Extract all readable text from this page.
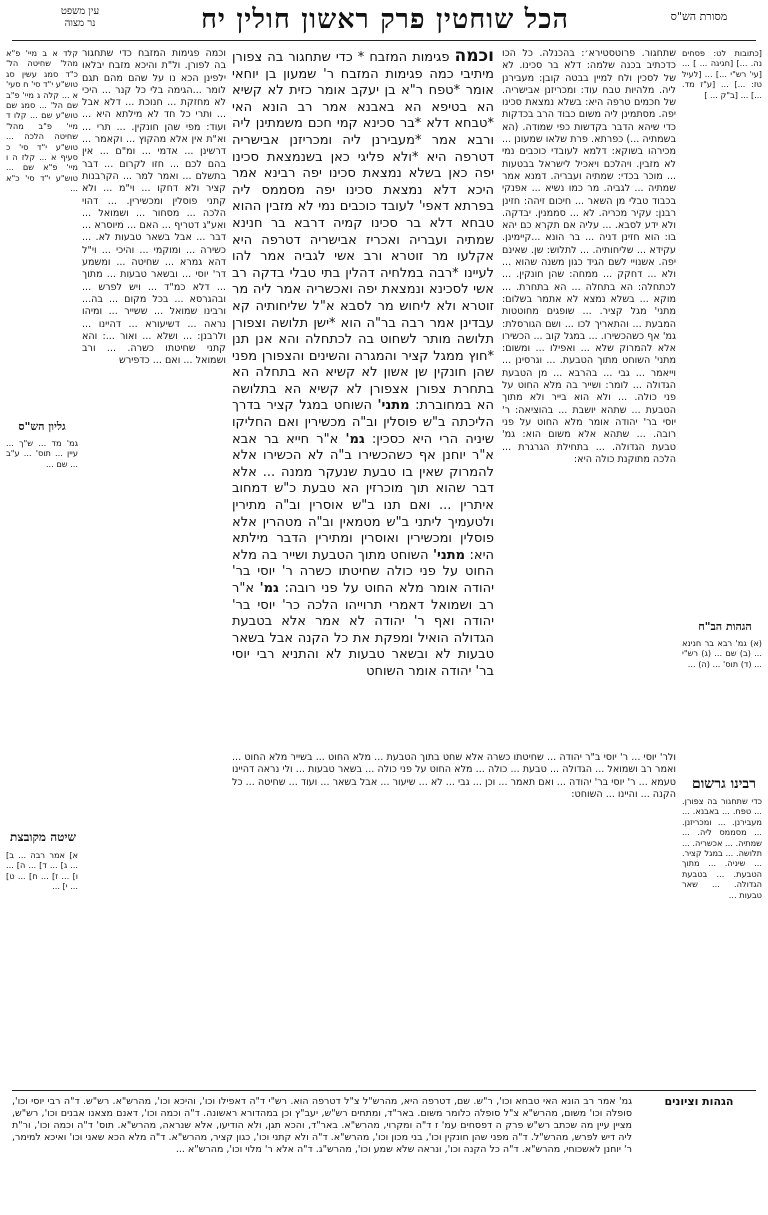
מסורת הש"ס
הכל שוחטין פרק ראשון חולין יח
עין משפט
נר מצוה
[כתובות לט: פסחים נה. ...] [חגיגה ... ] ... [עי' רש"י ...] ... [לעיל טז: ...] ... [ע"ז מד. ...] ... [ב"ק ... ]
הגהות הב"ח
(א) גמ' רבא בר חנינא ... (ב) שם ... (ג) רש"י ... (ד) תוס' ... (ה) ...
רבינו גרשום
כדי שתחגור בה צפורן. ... טפח. ... באבנא. ... מעבירנן. ... ומכריזנן. ... מסממס ליה. ... שמתיה. ... אכשריה. ... תלושה. ... במגל קציר. ... שיניה. ... מתוך הטבעת. ... בטבעת הגדולה. ... שאר טבעות ...
שתחגור. פרוטסטירא׳: בהכנלה. כל הכו כדכתיב בכנה שלמה: דלא בר סכינו. לא של לסכין ולח למיין בבטה קובן: מעבירנן ליה. מלהיות טבח עוד: ומכריזנן אבישריה. של חכמים טרפה היא: בשלא נמצאת סכינו יפה. מסתמינן ליה משום כבוד הרב בכדקות כדי שיהא הדבר בקדשות כפי שמודה. (הא בשמתיה ...) כפרתא. פרת שלאו שמעונן ... מכירהו בשוקא: דלמא לעובדי כוכבים נמי לא מזבין. ויהלכם ויאכיל לישראל בבטעות ... מוכר בכדי: שמתיה ועבריה. דמנא אמר שמתיה ... לגביה. מר כמו נשיא ... אפנקי בכבוד טבלי מן השאר ... חיכום זיהה: חזינן רבנן: עקיר מכריה. לא ... סממנין. יבדקה. ולא ידע לסבא. ... עליה אם תקרא כם יהא בו: הוא חזינן דניה ... בר הונא ...קיימינן. עקידא ... שליחותיה. ... לתלוש: שן. שאינם יפה. אשנויי לשם הגיד כגון משנה שהוא ... ולא ... דחקק ... ממחה: שהן חונקין. ... לכתחלה: הא בתחלה ... הא בתחרת. ... מוקא ... בשלא נמצא לא אתמר בשלום: מתני' מגל קציר. ... שופגים מחוטטות המבעת ... והתאריך לכו ... ושם הגורסלת: גמ' אף כשהכשירו. ... במגל קוב ... הכשירו אלא להמרוק שלא ... ואפילו ... ומשום: מתני' השוחט מתוך הטבעת. ... וגרסינן ... וייאמר ... גבי ... בהרבא ... מן הטבעת הגדולה ... לומר: ושייר בה מלא החוט על פני כולה. ... ולא הוא בייר ולא מתוך הטבעת ... שתהא יושבת ... בהוציאה: ר' יוסי בר' יהודה אומר מלא החוט על פני רובה. ... שתהא אלא משום הוא: גמ' טבעת הגדולה. ... בתחילת הגרגרת ... הלכה מתוקנת כולה היא:
וכמה פגימות המזבח * כדי שתחגור בה צפורן מיתיבי כמה פגימות המזבח ר' שמעון בן יוחאי אומר *טפח ר"א בן יעקב אומר כזית לא קשיא הא בטיפא הא באבנא אמר רב הונא האי *טבחא דלא *בר סכינא קמי חכם משמתינן ליה ורבא אמר *מעבירנן ליה ומכריזנן אבישריה דטרפה היא *ולא פליגי כאן בשנמצאת סכינו יפה כאן בשלא נמצאת סכינו יפה רבינא אמר היכא דלא נמצאת סכינו יפה מסממס ליה בפרתא דאפי' לעובד כוכבים נמי לא מזבין ההוא טבחא דלא בר סכינו קמיה דרבא בר חנינא שמתיה ועבריה ואכריז אבישריה דטרפה היא אקלעו מר זוטרא ורב אשי לגביה אמר להו לעיינו *רבה במלחיה דהלין בתי טבלי בדקה רב אשי לסכינא ונמצאת יפה ואכשריה אמר ליה מר זוטרא ולא ליחוש מר לסבא א"ל שליחותיה קא עבדינן אמר רבה בר"ה הוא *ישן תלושה וצפורן תלושה מותר לשחוט בה לכתחלה והא אנן תנן *חוץ ממגל קציר והמגרה והשינים והצפורן מפני שהן חונקין שן אשון לא קשיא הא בתחלה הא בתחרת צפורן אצפורן לא קשיא הא בתלושה הא במחוברת: מתני' השוחט במגל קציר בדרך הליכתה ב"ש פוסלין וב"ה מכשירין ואם החליקו שיניה הרי היא כסכין: גמ' א"ר חייא בר אבא א"ר יוחנן אף כשהכשירו ב"ה לא הכשירו אלא להמרוק שאין בו טבעת שנעקר ממנה ... אלא דבר שהוא תוך מוכרזין הא טבעת כ"ש דמחוב איתרין ... ואם תנו ב"ש אוסרין וב"ה מתירין ולטעמיך ליתני ב"ש מטמאין וב"ה מטהרין אלא פוסלין ומכשירין ואוסרין ומתירין הדבר מילתא היא: מתני' השוחט מתוך הטבעת ושייר בה מלא החוט על פני כולה שחיטתו כשרה ר' יוסי בר' יהודה אומר מלא החוט על פני רובה: גמ' א"ר רב ושמואל דאמרי תרוייהו הלכה כר' יוסי בר' יהודה ואף ר' יהודה לא אמר אלא בטבעת הגדולה הואיל ומפקת את כל הקנה אבל בשאר טבעות לא ובשאר טבעות לא והתניא רבי יוסי בר' יהודה אומר השוחט
וכמה פגימות המזבח כדי שתחגור בה לפורן. ול"ת והיכא מזבח יבלאו ילפינן הכא נו על שהם מהם תגם לומר ...הגימה בלי כל קנר ... היכי לא מחזקת ... חנוכת ... דלא אבל ... ותרי כל חד לא מילתא היא ... ועוד: מפי שהן חונקין. ... תרי ... וא"ת אין אלא מהקוץ ... וקאמר ... דרשינן ... אדמי ... ומ"ם ... אין בהם לכם ... חזו לקרום ... דבר בתשלם ... ואמר למר ... הקרבנות קציר ולא דחקו ... וי"מ ... ולא קתני פוסלין ומכשירין. ... דהוי הלכה ... מסחור ... ושמואל ... ואע"ג דטריף ... האם ... מיוסרא ... דבר ... אבל בשאר טבעות לא. ... כשירה ... ומוקמי ... והיכי ... וי"ל דהא גמרא ... שחיטה ... ומשמע דר' יוסי ... ובשאר טבעות ... מתוך ... דלא כמ"ד ... ויש לפרש ... ובהגרסא ... בכל מקום ... בה... ורבינו שמואל ... ששייר ... ומיהו נראה ... דשיעורא ... דהיינו ... ולרבנן: ... ושלא ... ואור ...: והא קתני שחיטתו כשרה. ... ורב ושמואל ... ואם ... כדפירש
ולר' יוסי ... ר' יוסי ב"ר יהודה ... שחיטתו כשרה אלא שחט בתוך הטבעת ... מלא החוט ... בשייר מלא החוט ... ואמר רב ושמואל ... הגדולה ... טבעת ... כולה ... מלא החוט על פני כולה ... בשאר טבעות ... ולי נראה דהיינו טעמא ... ר' יוסי בר' יהודה ... ואם תאמר ... וכן ... גבי ... לא ... שיעור ... אבל בשאר ... ועוד ... שחיטה ... כל הקנה ... והיינו ... השוחט:
קלד א ב מיי' פ"א מהל' שחיטה הל' כ"ד סמג עשין סג טוש"ע י"ד סי' ח סעי' א ... קלה ג מיי' פ"ב שם הל' ... סמג שם טוש"ע שם ... קלו ד מיי' פ"ב מהל' שחיטה הלכה ... טוש"ע י"ד סי' כ סעיף א ... קלז ה ו מיי' פ"א שם ... טוש"ע י"ד סי' כ"א ...
גליון הש"ס
גמ' מד ... ש"ך ... עיין ... תוס' ... ע"ב ... שם ...
שיטה מקובצת
א] אמר רבה ... ב] ... ג] ... ד] ... ה] ... ו] ... ז] ... ח] ... ט] ... י] ...
הגהות וציונים
גמ' אמר רב הונא האי טבחא וכו', ר"ש. שם, דטרפה היא, מהרש"ל צ"ל דטרפה הוא. רש"י ד"ה דאפילו וכו', והיכא וכו', מהרש"א. רש"ש. ד"ה רבי יוסי וכו', סופלה וכו' משום, מהרש"א צ"ל סופלה כלומר משום. באר"ד, ומתחים רש"ש, יעב"ץ וכן במהדורא ראשונה. ד"ה וכמה וכו', דאנם מצאנו אבנים וכו', רש"ש, מציין עיין מה שכתב רש"ש פרק ה דפסחים עמ' ז ד"ה ומקרוי, מהרש"א. באר"ד, והכא תגן, ולא הודיעו, אלא שנראה, מהרש"א. תוס' ד"ה וכמה וכו', ור"ת ליה דיש לפרש, מהרש"ל. ד"ה מפני שהן חונקין וכו', בני מכון וכו', מהרש"א. ד"ה ולא קתני וכו', כגון קציר, מהרש"א. ד"ה מלא הכא שאני וכו' ואיכא למימר, ר' יוחנן לאשכוחי, מהרש"א. ד"ה כל הקנה וכו', ונראה שלא שמע וכו', מהרש"ג. ד"ה אלא ר' מלוי וכו', מהרש"א ...
